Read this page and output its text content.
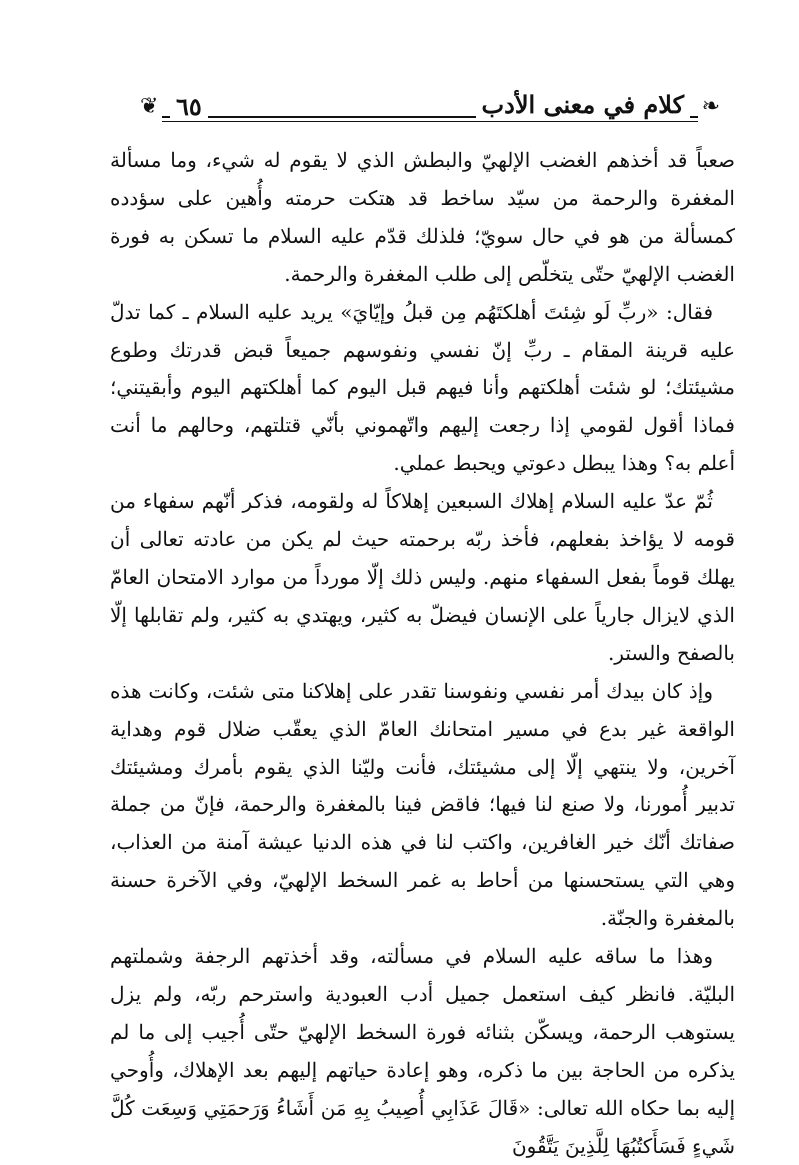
❦	❧
٦٥	كلام في معنى الأدب

صعباً قد أخذهم الغضب الإلهيّ والبطش الذي لا يقوم له شيء، وما مسألة المغفرة والرحمة من سيّد ساخط قد هتكت حرمته وأُهين على سؤدده كمسألة من هو في حال سويّ؛ فلذلك قدّم عليه السلام ما تسكن به فورة الغضب الإلهيّ حتّى يتخلّص إلى طلب المغفرة والرحمة.

فقال: «ربِّ لَو شِئتَ أهلكتَهُم مِن قبلُ وإيّايَ» يريد عليه السلام ـ كما تدلّ عليه قرينة المقام ـ ربِّ إنّ نفسي ونفوسهم جميعاً قبض قدرتك وطوع مشيئتك؛ لو شئت أهلكتهم وأنا فيهم قبل اليوم كما أهلكتهم اليوم وأبقيتني؛ فماذا أقول لقومي إذا رجعت إليهم واتّهموني بأنّي قتلتهم، وحالهم ما أنت أعلم به؟ وهذا يبطل دعوتي ويحبط عملي.

ثُمّ عدّ عليه السلام إهلاك السبعين إهلاكاً له ولقومه، فذكر أنّهم سفهاء من قومه لا يؤاخذ بفعلهم، فأخذ ربّه برحمته حيث لم يكن من عادته تعالى أن يهلك قوماً بفعل السفهاء منهم. وليس ذلك إلّا مورداً من موارد الامتحان العامّ الذي لايزال جارياً على الإنسان فيضلّ به كثير، ويهتدي به كثير، ولم تقابلها إلّا بالصفح والستر.

وإذ كان بيدك أمر نفسي ونفوسنا تقدر على إهلاكنا متى شئت، وكانت هذه الواقعة غير بدع في مسير امتحانك العامّ الذي يعقّب ضلال قوم وهداية آخرين، ولا ينتهي إلّا إلى مشيئتك، فأنت وليّنا الذي يقوم بأمرك ومشيئتك تدبير أُمورنا، ولا صنع لنا فيها؛ فاقض فينا بالمغفرة والرحمة، فإنّ من جملة صفاتك أنّك خير الغافرين، واكتب لنا في هذه الدنيا عيشة آمنة من العذاب، وهي التي يستحسنها من أحاط به غمر السخط الإلهيّ، وفي الآخرة حسنة بالمغفرة والجنّة.

وهذا ما ساقه عليه السلام في مسألته، وقد أخذتهم الرجفة وشملتهم البليّة. فانظر كيف استعمل جميل أدب العبودية واسترحم ربّه، ولم يزل يستوهب الرحمة، ويسكّن بثنائه فورة السخط الإلهيّ حتّى أُجيب إلى ما لم يذكره من الحاجة بين ما ذكره، وهو إعادة حياتهم إليهم بعد الإهلاك، وأُوحي إليه بما حكاه الله تعالى: «قَالَ عَذَابِي أُصِيبُ بِهِ مَن أَشَاءُ وَرَحمَتِي وَسِعَت كُلَّ شَيءٍ فَسَأَكتُبُهَا لِلَّذِينَ يَتَّقُونَ
